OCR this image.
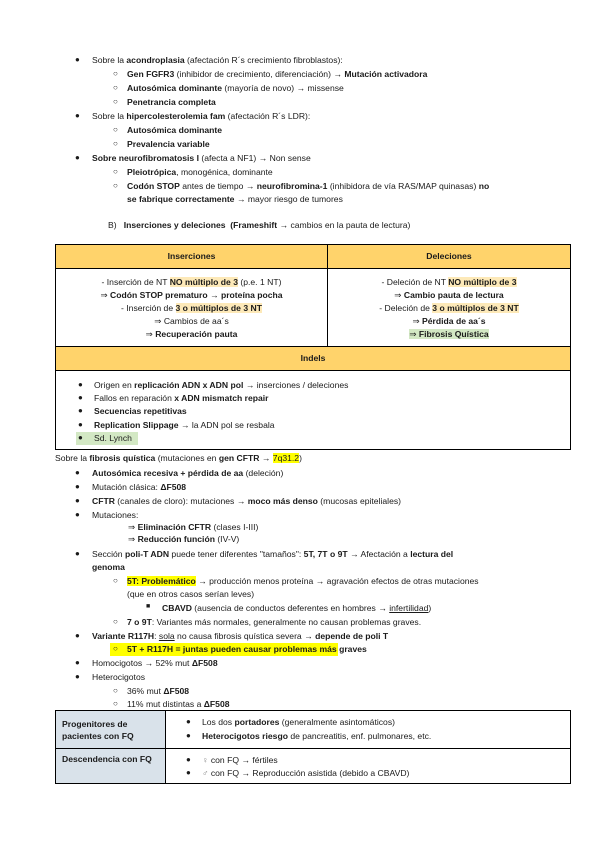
● Sobre la acondroplasia (afectación R´s crecimiento fibroblastos):
○ Gen FGFR3 (inhibidor de crecimiento, diferenciación) → Mutación activadora
○ Autosómica dominante (mayoría de novo) → missense
○ Penetrancia completa
● Sobre la hipercolesterolemia fam (afectación R´s LDR):
○ Autosómica dominante
○ Prevalencia variable
● Sobre neurofibromatosis I (afecta a NF1) → Non sense
○ Pleiotrópica, monogénica, dominante
○ Codón STOP antes de tiempo → neurofibromina-1 (inhibidora de vía RAS/MAP quinasas) no
se fabrique correctamente → mayor riesgo de tumores
B) Inserciones y deleciones (Frameshift → cambios en la pauta de lectura)
Inserciones	Deleciones
- Inserción de NT NO múltiplo de 3 (p.e. 1 NT)
⇒ Codón STOP prematuro → proteína pocha
- Inserción de 3 o múltiplos de 3 NT
⇒ Cambios de aa´s
⇒ Recuperación pauta
- Deleción de NT NO múltiplo de 3
⇒ Cambio pauta de lectura
- Deleción de 3 o múltiplos de 3 NT
⇒ Pérdida de aa´s
⇒ Fibrosis Quística
Indels
● Origen en replicación ADN x ADN pol → inserciones / deleciones
● Fallos en reparación x ADN mismatch repair
● Secuencias repetitivas
● Replication Slippage → la ADN pol se resbala
● Sd. Lynch
Sobre la fibrosis quística (mutaciones en gen CFTR → 7q31.2)
● Autosómica recesiva + pérdida de aa (deleción)
● Mutación clásica: ΔF508
● CFTR (canales de cloro): mutaciones → moco más denso (mucosas epiteliales)
● Mutaciones:
⇒ Eliminación CFTR (clases I-III)
⇒ Reducción función (IV-V)
● Sección poli-T ADN puede tener diferentes "tamaños": 5T, 7T o 9T → Afectación a lectura del
genoma
○ 5T: Problemático → producción menos proteína → agravación efectos de otras mutaciones
(que en otros casos serían leves)
■ CBAVD (ausencia de conductos deferentes en hombres → infertilidad)
○ 7 o 9T: Variantes más normales, generalmente no causan problemas graves.
● Variante R117H: sola no causa fibrosis quística severa → depende de poli T
○ 5T + R117H = juntas pueden causar problemas más graves
● Homocigotos → 52% mut ΔF508
● Heterocigotos
○ 36% mut ΔF508
○ 11% mut distintas a ΔF508
Progenitores de
pacientes con FQ
● Los dos portadores (generalmente asintomáticos)
● Heterocigotos riesgo de pancreatitis, enf. pulmonares, etc.
Descendencia con FQ	● ♀ con FQ → fértiles
● ♂ con FQ → Reproducción asistida (debido a CBAVD)
